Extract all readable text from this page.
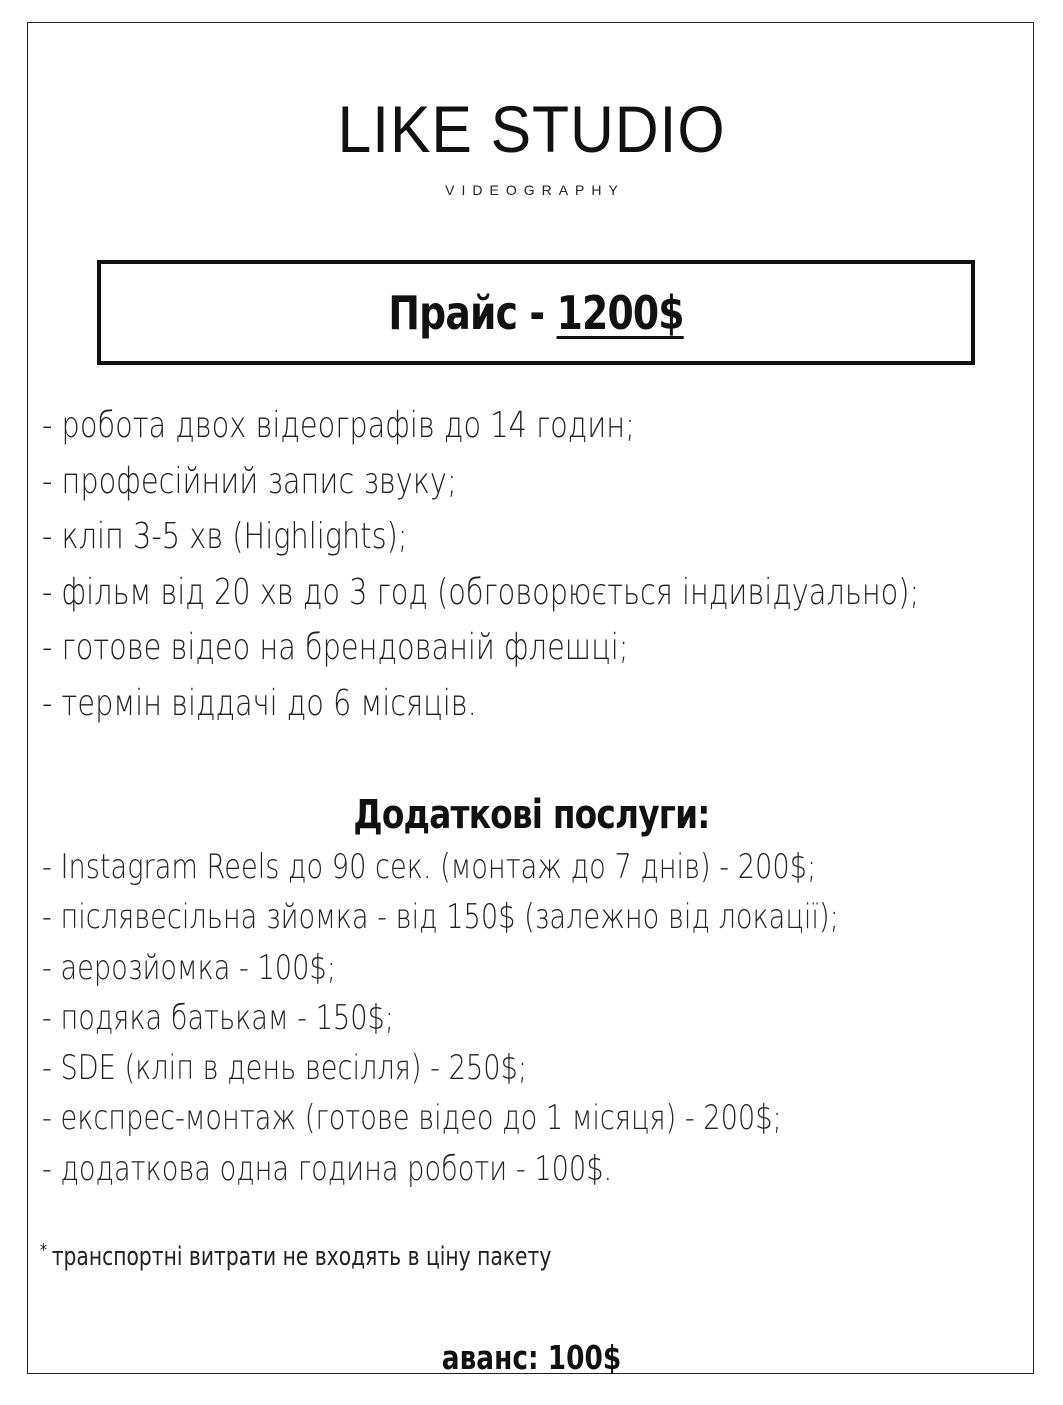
LIKE STUDIO
VIDEOGRAPHY
Прайс - 1200$
- робота двох відеографів до 14 годин;
- професійний запис звуку;
- кліп 3-5 хв (Highlights);
- фільм від 20 хв до 3 год (обговорюється індивідуально);
- готове відео на брендованій флешці;
- термін віддачі до 6 місяців.
Додаткові послуги:
- Instagram Reels до 90 сек. (монтаж до 7 днів) - 200$;
- післявесільна зйомка - від 150$ (залежно від локації);
- аерозйомка - 100$;
- подяка батькам - 150$;
- SDE (кліп в день весілля) - 250$;
- експрес-монтаж (готове відео до 1 місяця) - 200$;
- додаткова одна година роботи - 100$.
* транспортні витрати не входять в ціну пакету
аванс: 100$
